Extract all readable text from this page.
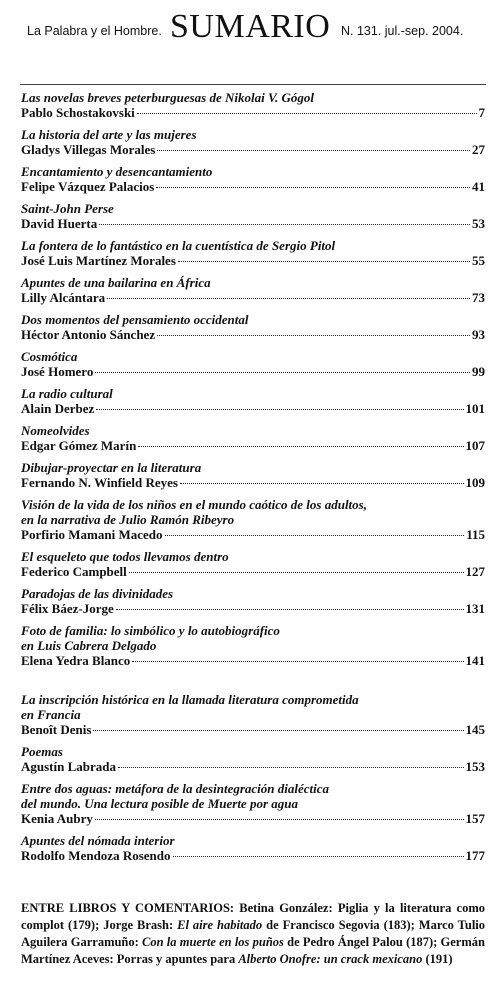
La Palabra y el Hombre. SUMARIO N. 131. jul.-sep. 2004.
Las novelas breves peterburguesas de Nikolai V. Gógol
Pablo Schostakovski	7
La historia del arte y las mujeres
Gladys Villegas Morales	27
Encantamiento y desencantamiento
Felipe Vázquez Palacios	41
Saint-John Perse
David Huerta	53
La fontera de lo fantástico en la cuentística de Sergio Pitol
José Luis Martínez Morales	55
Apuntes de una bailarina en África
Lilly Alcántara	73
Dos momentos del pensamiento occidental
Héctor Antonio Sánchez	93
Cosmótica
José Homero	99
La radio cultural
Alain Derbez	101
Nomeolvides
Edgar Gómez Marín	107
Dibujar-proyectar en la literatura
Fernando N. Winfield Reyes	109
Visión de la vida de los niños en el mundo caótico de los adultos,
en la narrativa de Julio Ramón Ribeyro
Porfirio Mamani Macedo	115
El esqueleto que todos llevamos dentro
Federico Campbell	127
Paradojas de las divinidades
Félix Báez-Jorge	131
Foto de familia: lo simbólico y lo autobiográfico
en Luis Cabrera Delgado
Elena Yedra Blanco	141
La inscripción histórica en la llamada literatura comprometida
en Francia
Benoît Denis	145
Poemas
Agustín Labrada	153
Entre dos aguas: metáfora de la desintegración dialéctica
del mundo. Una lectura posible de Muerte por agua
Kenia Aubry	157
Apuntes del nómada interior
Rodolfo Mendoza Rosendo	177
ENTRE LIBROS Y COMENTARIOS: Betina González: Piglia y la literatura como complot (179); Jorge Brash: El aire habitado de Francisco Segovia (183); Marco Tulio Aguilera Garramuño: Con la muerte en los puños de Pedro Ángel Palou (187); Germán Martínez Aceves: Porras y apuntes para Alberto Onofre: un crack mexicano (191)
